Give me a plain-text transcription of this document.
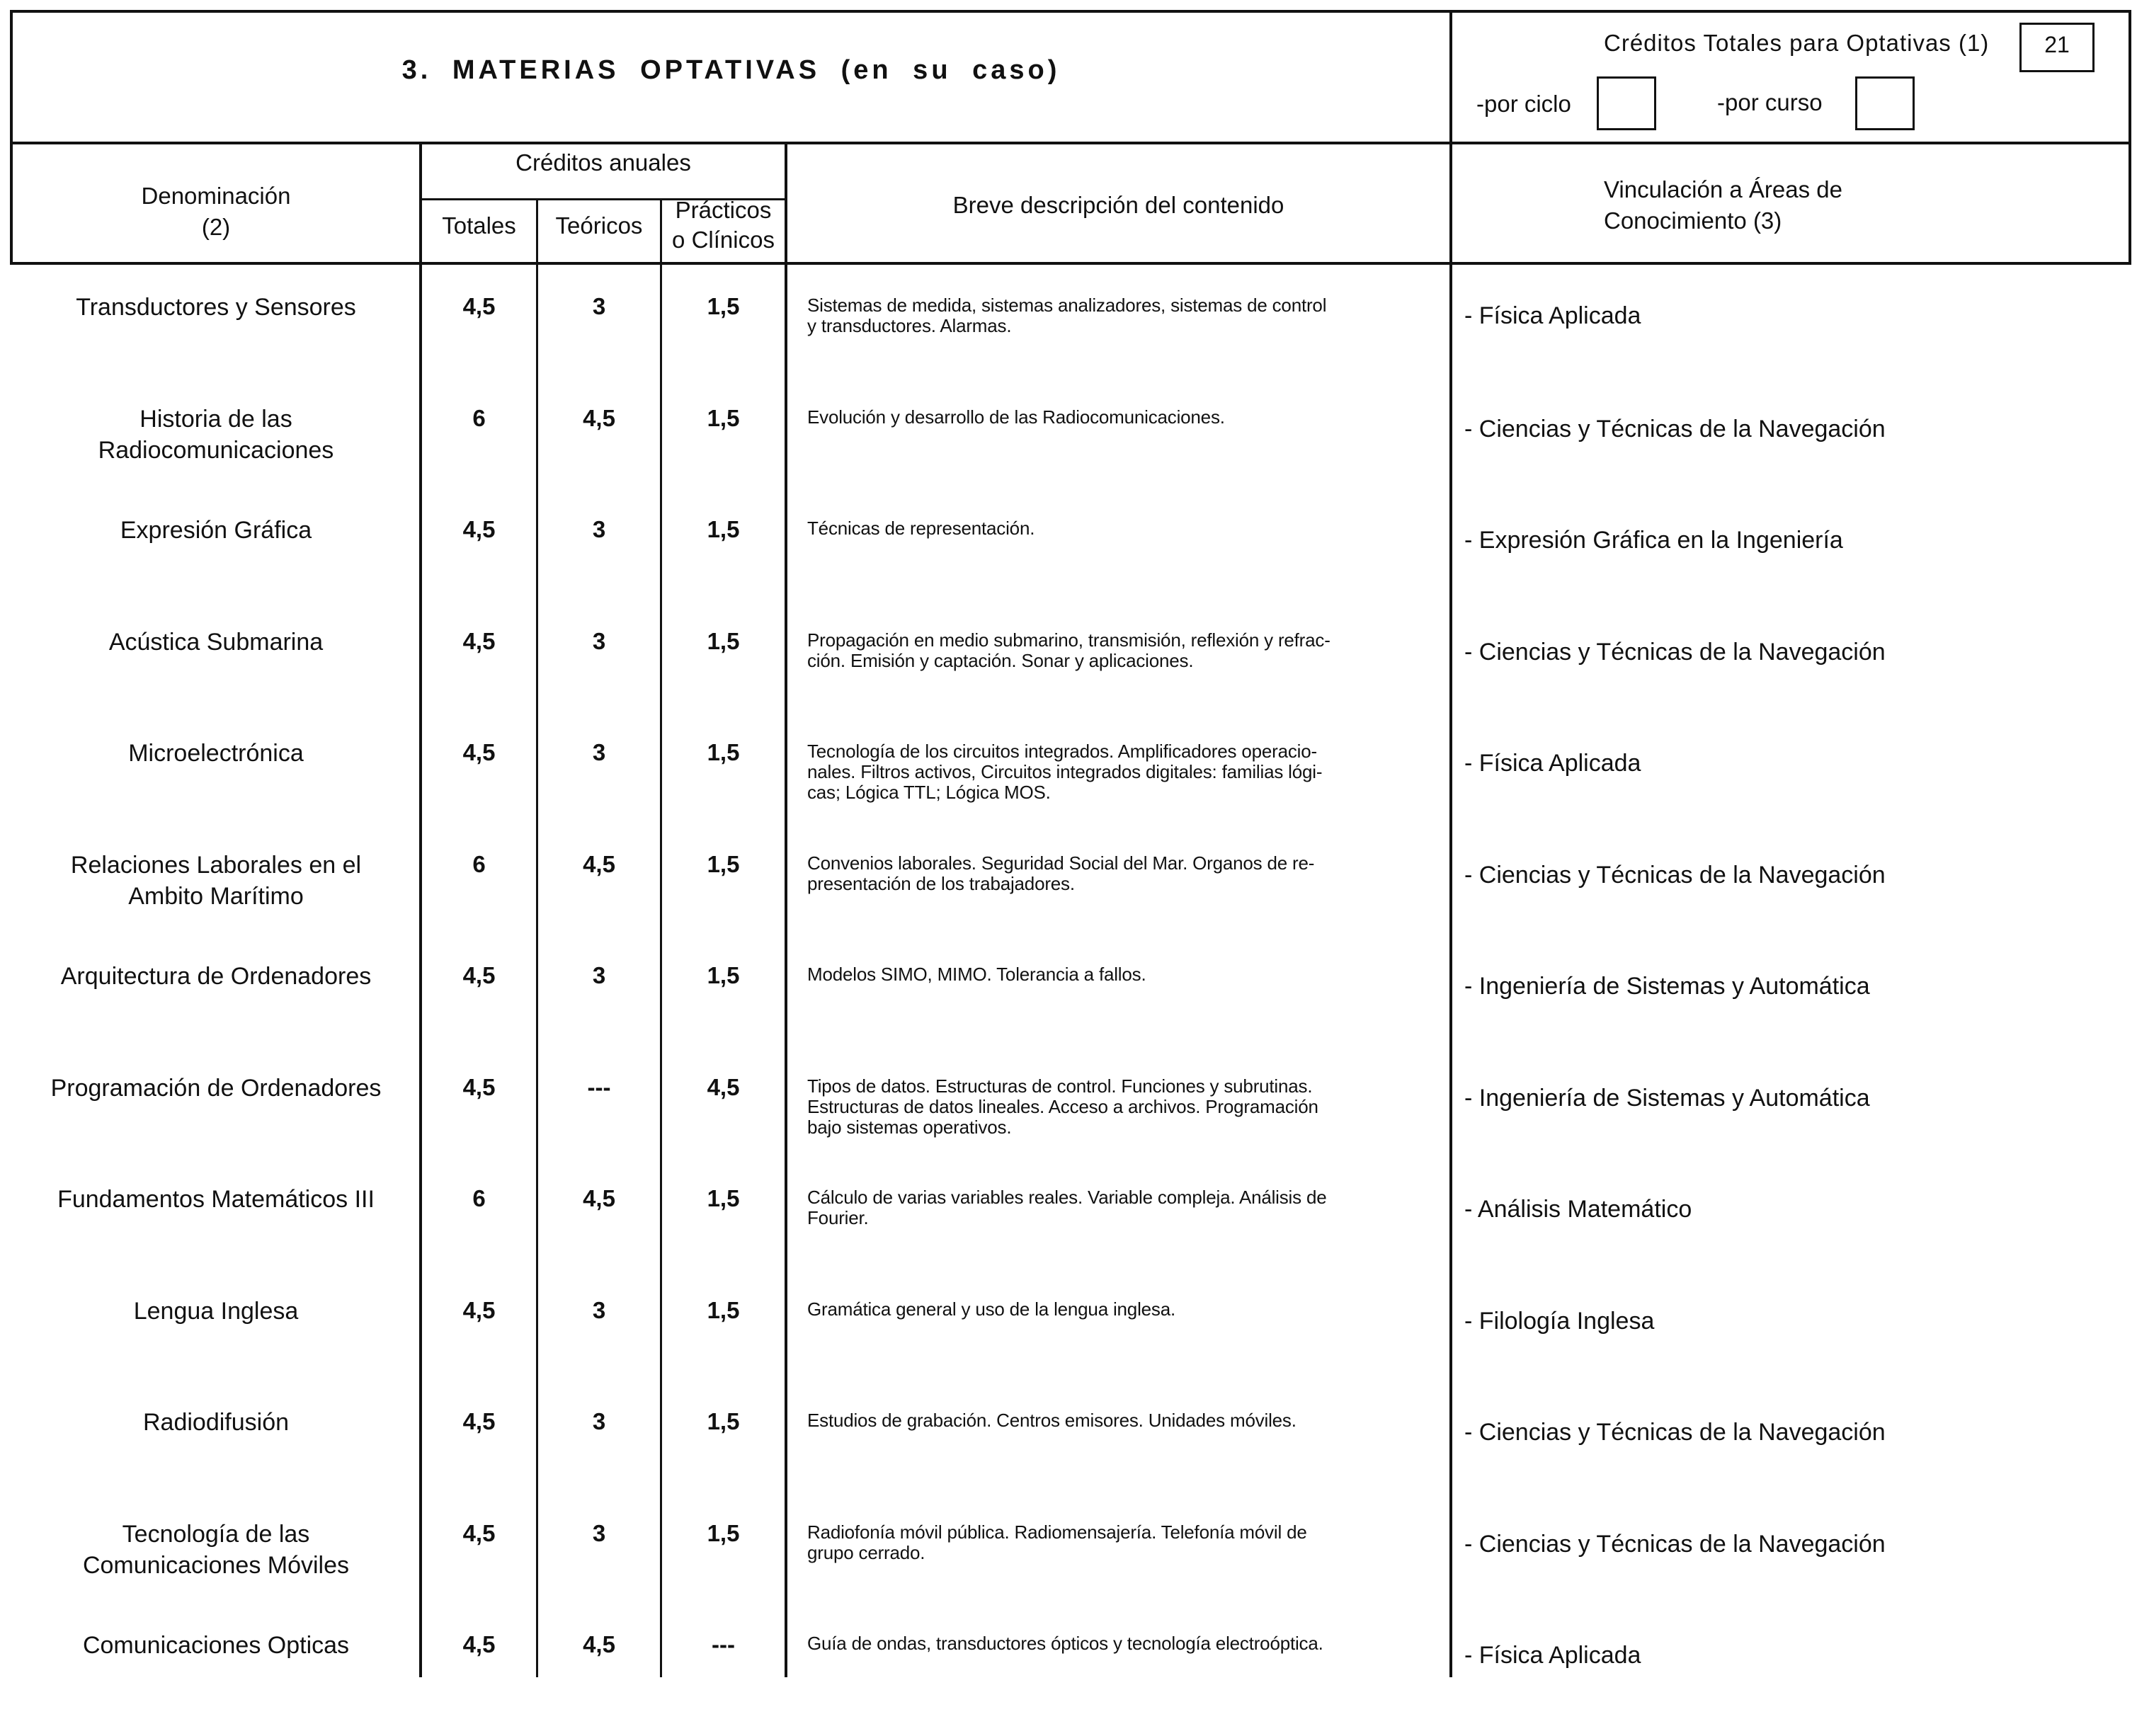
3. MATERIAS OPTATIVAS (en su caso)
Créditos Totales para Optativas (1)	21
-por ciclo	-por curso
Denominación
(2)
Créditos anuales
Totales	Teóricos
Prácticos
o Clínicos
Breve descripción del contenido
Vinculación a Áreas de
Conocimiento (3)
Transductores y Sensores	4,5	3	1,5	Sistemas de medida, sistemas analizadores, sistemas de control
y transductores. Alarmas.	- Física Aplicada
Historia de las
Radiocomunicaciones
6	4,5	1,5	Evolución y desarrollo de las Radiocomunicaciones.	- Ciencias y Técnicas de la Navegación
Expresión Gráfica	4,5	3	1,5	Técnicas de representación.	- Expresión Gráfica en la Ingeniería
Acústica Submarina	4,5	3	1,5	Propagación en medio submarino, transmisión, reflexión y refrac-
ción. Emisión y captación. Sonar y aplicaciones.	- Ciencias y Técnicas de la Navegación
Microelectrónica	4,5	3	1,5	Tecnología de los circuitos integrados. Amplificadores operacio-
nales. Filtros activos, Circuitos integrados digitales: familias lógi-
cas; Lógica TTL; Lógica MOS.
- Física Aplicada
Relaciones Laborales en el
Ambito Marítimo
6	4,5	1,5	Convenios laborales. Seguridad Social del Mar. Organos de re-
presentación de los trabajadores.	- Ciencias y Técnicas de la Navegación
Arquitectura de Ordenadores	4,5	3	1,5	Modelos SIMO, MIMO. Tolerancia a fallos.	- Ingeniería de Sistemas y Automática
Programación de Ordenadores	4,5	---	4,5	Tipos de datos. Estructuras de control. Funciones y subrutinas.
Estructuras de datos lineales. Acceso a archivos. Programación
bajo sistemas operativos.
- Ingeniería de Sistemas y Automática
Fundamentos Matemáticos III	6	4,5	1,5	Cálculo de varias variables reales. Variable compleja. Análisis de
Fourier.	- Análisis Matemático
Lengua Inglesa	4,5	3	1,5	Gramática general y uso de la lengua inglesa.	- Filología Inglesa
Radiodifusión	4,5	3	1,5	Estudios de grabación. Centros emisores. Unidades móviles.	- Ciencias y Técnicas de la Navegación
Tecnología de las
Comunicaciones Móviles
4,5	3	1,5	Radiofonía móvil pública. Radiomensajería. Telefonía móvil de
grupo cerrado.	- Ciencias y Técnicas de la Navegación
Comunicaciones Opticas	4,5	4,5	---	Guía de ondas, transductores ópticos y tecnología electroóptica.	- Física Aplicada
